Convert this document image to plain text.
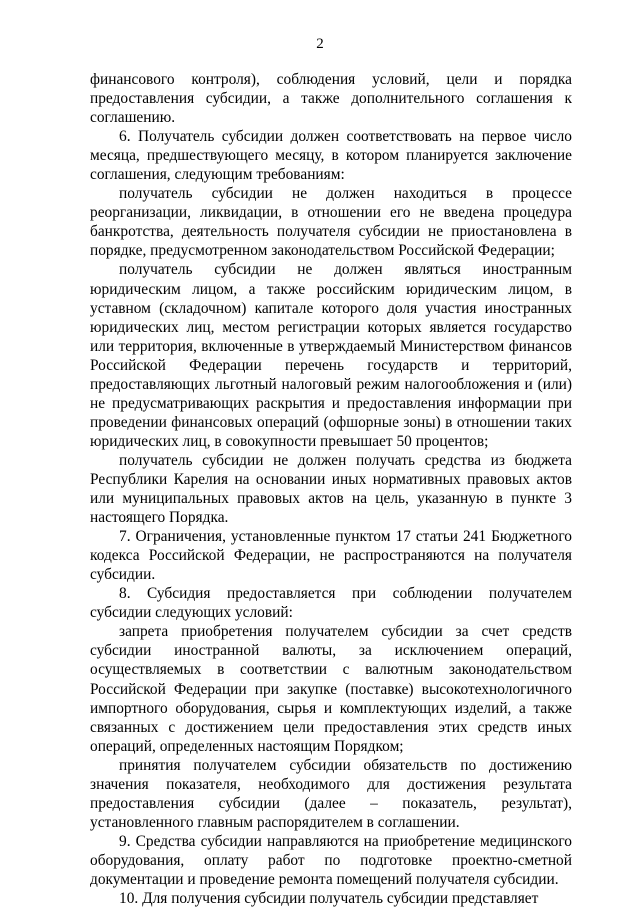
2

финансового контроля), соблюдения условий, цели и порядка предоставления субсидии, а также дополнительного соглашения к соглашению.

6. Получатель субсидии должен соответствовать на первое число месяца, предшествующего месяцу, в котором планируется заключение соглашения, следующим требованиям:

получатель субсидии не должен находиться в процессе реорганизации, ликвидации, в отношении его не введена процедура банкротства, деятельность получателя субсидии не приостановлена в порядке, предусмотренном законодательством Российской Федерации;

получатель субсидии не должен являться иностранным юридическим лицом, а также российским юридическим лицом, в уставном (складочном) капитале которого доля участия иностранных юридических лиц, местом регистрации которых является государство или территория, включенные в утверждаемый Министерством финансов Российской Федерации перечень государств и территорий, предоставляющих льготный налоговый режим налогообложения и (или) не предусматривающих раскрытия и предоставления информации при проведении финансовых операций (офшорные зоны) в отношении таких юридических лиц, в совокупности превышает 50 процентов;

получатель субсидии не должен получать средства из бюджета Республики Карелия на основании иных нормативных правовых актов или муниципальных правовых актов на цель, указанную в пункте 3 настоящего Порядка.

7. Ограничения, установленные пунктом 17 статьи 241 Бюджетного кодекса Российской Федерации, не распространяются на получателя субсидии.

8. Субсидия предоставляется при соблюдении получателем субсидии следующих условий:

запрета приобретения получателем субсидии за счет средств субсидии иностранной валюты, за исключением операций, осуществляемых в соответствии с валютным законодательством Российской Федерации при закупке (поставке) высокотехнологичного импортного оборудования, сырья и комплектующих изделий, а также связанных с достижением цели предоставления этих средств иных операций, определенных настоящим Порядком;

принятия получателем субсидии обязательств по достижению значения показателя, необходимого для достижения результата предоставления субсидии (далее – показатель, результат), установленного главным распорядителем в соглашении.

9. Средства субсидии направляются на приобретение медицинского оборудования, оплату работ по подготовке проектно-сметной документации и проведение ремонта помещений получателя субсидии.

10. Для получения субсидии получатель субсидии представляет
